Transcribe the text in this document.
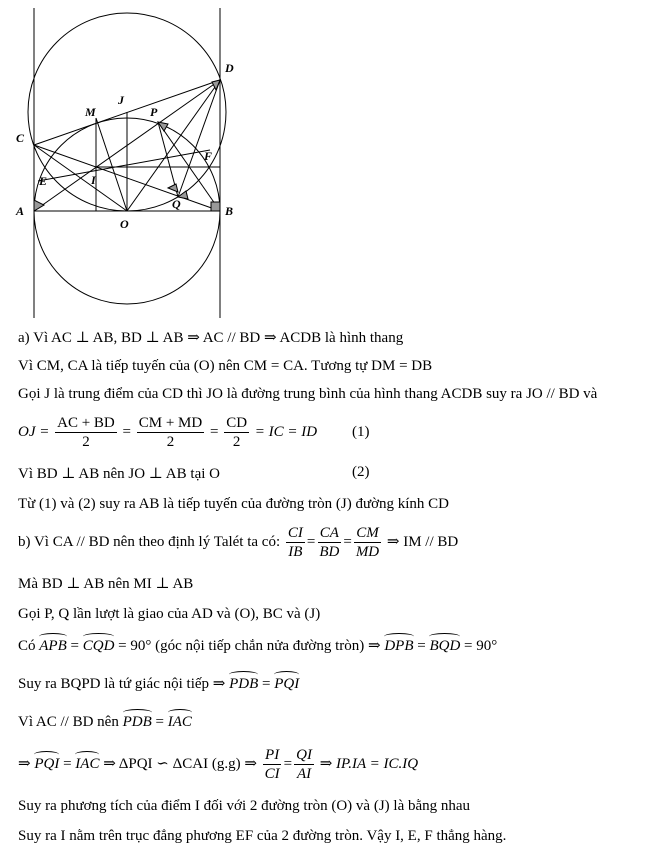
D
J
M	P
C
F
E	I
Q
A	B
O
a) Vì AC ⊥ AB, BD ⊥ AB ⇒ AC // BD ⇒ ACDB là hình thang
Vì CM, CA là tiếp tuyến của (O) nên CM = CA. Tương tự DM = DB
Gọi J là trung điểm của CD thì JO là đường trung bình của hình thang ACDB suy ra JO // BD và
OJ = $\frac{AC + BD}{2} = \frac{CM + MD}{2} = \frac{CD}{2}$ = IC = ID (1)
Vì BD ⊥ AB nên JO ⊥ AB tại O	(2)
Từ (1) và (2) suy ra AB là tiếp tuyến của đường tròn (J) đường kính CD
b) Vì CA // BD nên theo định lý Talét ta có: $\frac{CI}{IB} = \frac{CA}{BD} = \frac{CM}{MD}$ ⇒ IM // BD
Mà BD ⊥ AB nên MI ⊥ AB
Gọi P, Q lần lượt là giao của AD và (O), BC và (J)
Có APB = CQD = 90° (góc nội tiếp chắn nửa đường tròn) ⇒ DPB = BQD = 90°
Suy ra BQPD là tứ giác nội tiếp ⇒ PDB = PQI
Vì AC // BD nên PDB = IAC
⇒ PQI = IAC ⇒ ΔPQI ∽ ΔCAI (g.g) ⇒ $\frac{PI}{CI} = \frac{QI}{AI}$ ⇒ IP.IA = IC.IQ
Suy ra phương tích của điểm I đối với 2 đường tròn (O) và (J) là bằng nhau
Suy ra I nằm trên trục đẳng phương EF của 2 đường tròn. Vậy I, E, F thẳng hàng.
